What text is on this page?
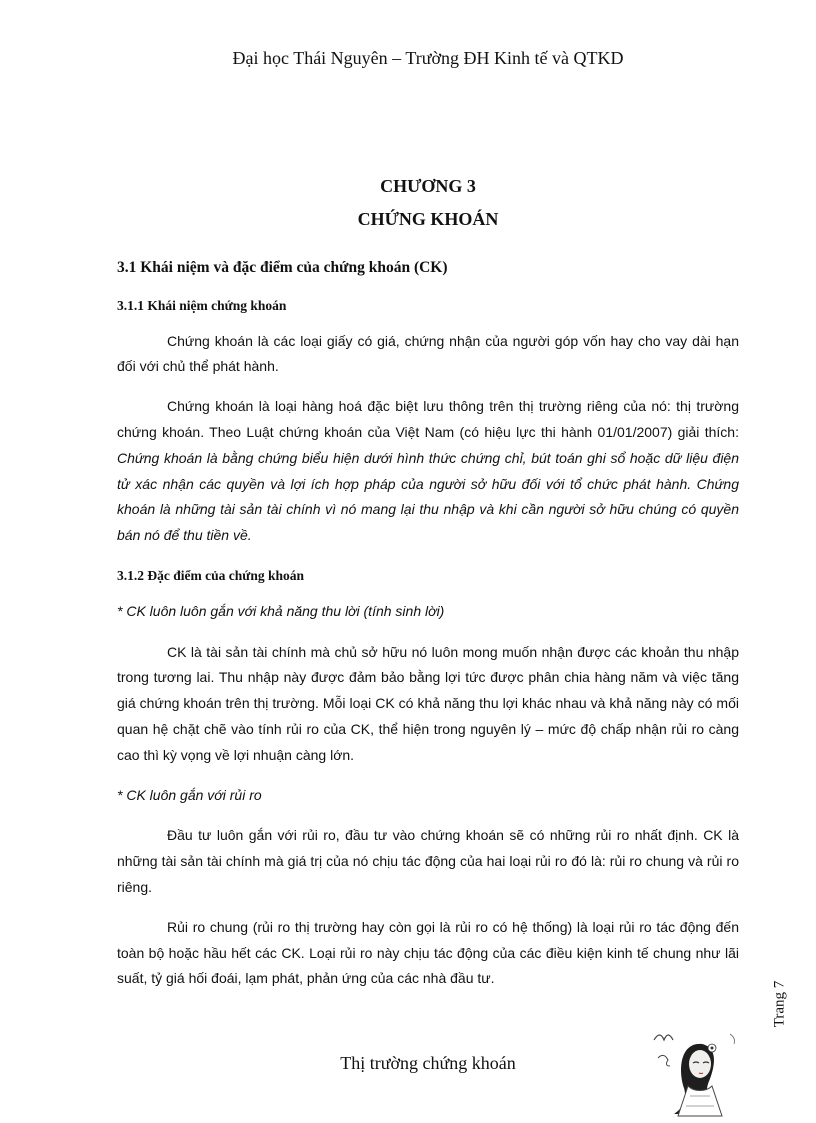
Đại học Thái Nguyên – Trường ĐH Kinh tế và QTKD
CHƯƠNG 3
CHỨNG KHOÁN
3.1 Khái niệm và đặc điểm của chứng khoán (CK)
3.1.1 Khái niệm chứng khoán

Chứng khoán là các loại giấy có giá, chứng nhận của người góp vốn hay cho vay dài hạn đối với chủ thể phát hành.

Chứng khoán là loại hàng hoá đặc biệt lưu thông trên thị trường riêng của nó: thị trường chứng khoán. Theo Luật chứng khoán của Việt Nam (có hiệu lực thi hành 01/01/2007) giải thích: Chứng khoán là bằng chứng biểu hiện dưới hình thức chứng chỉ, bút toán ghi sổ hoặc dữ liệu điện tử xác nhận các quyền và lợi ích hợp pháp của người sở hữu đối với tổ chức phát hành. Chứng khoán là những tài sản tài chính vì nó mang lại thu nhập và khi cần người sở hữu chúng có quyền bán nó để thu tiền về.

3.1.2 Đặc điểm của chứng khoán

* CK luôn luôn gắn với khả năng thu lời (tính sinh lời)

CK là tài sản tài chính mà chủ sở hữu nó luôn mong muốn nhận được các khoản thu nhập trong tương lai. Thu nhập này được đảm bảo bằng lợi tức được phân chia hàng năm và việc tăng giá chứng khoán trên thị trường. Mỗi loại CK có khả năng thu lợi khác nhau và khả năng này có mối quan hệ chặt chẽ vào tính rủi ro của CK, thể hiện trong nguyên lý – mức độ chấp nhận rủi ro càng cao thì kỳ vọng về lợi nhuận càng lớn.

* CK luôn gắn với rủi ro

Đầu tư luôn gắn với rủi ro, đầu tư vào chứng khoán sẽ có những rủi ro nhất định. CK là những tài sản tài chính mà giá trị của nó chịu tác động của hai loại rủi ro đó là: rủi ro chung và rủi ro riêng.

Rủi ro chung (rủi ro thị trường hay còn gọi là rủi ro có hệ thống) là loại rủi ro tác động đến toàn bộ hoặc hầu hết các CK. Loại rủi ro này chịu tác động của các điều kiện kinh tế chung như lãi suất, tỷ giá hối đoái, lạm phát, phản ứng của các nhà đầu tư.

Trang 7
Thị trường chứng khoán
